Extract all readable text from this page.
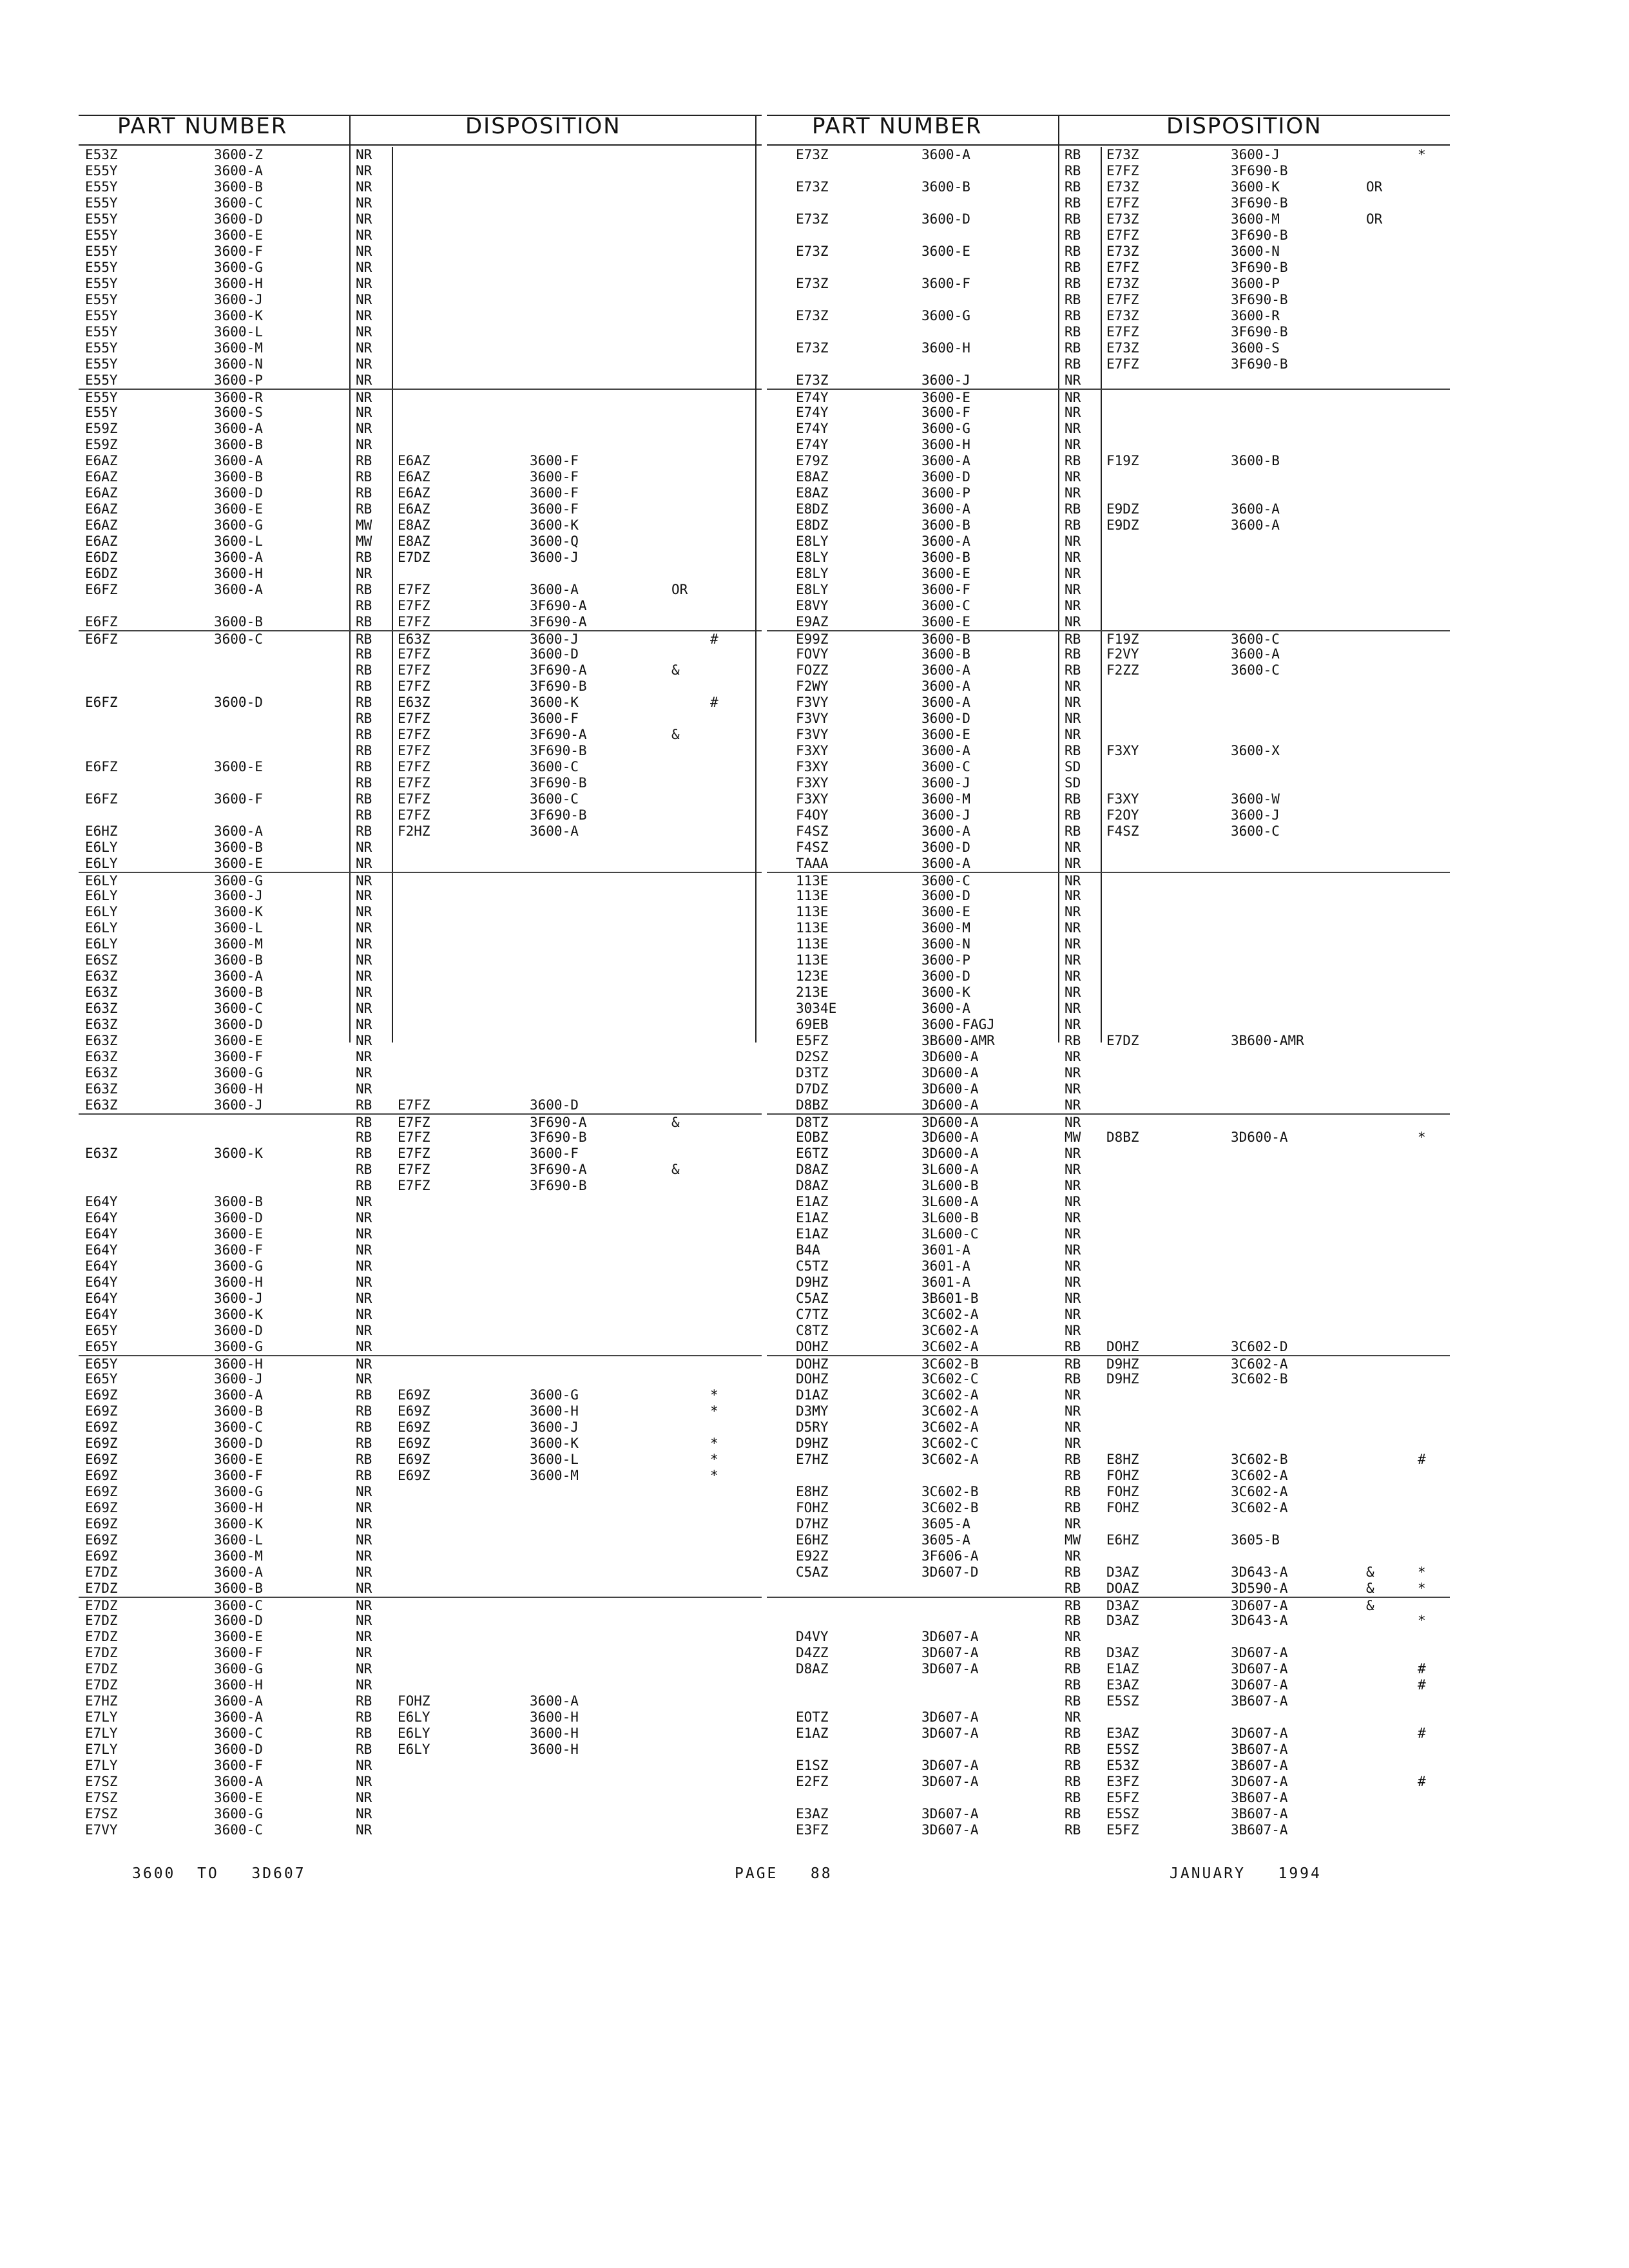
PART NUMBER	DISPOSITION
E53Z	3600-Z	NR
E55Y	3600-A	NR
E55Y	3600-B	NR
E55Y	3600-C	NR
E55Y	3600-D	NR
E55Y	3600-E	NR
E55Y	3600-F	NR
E55Y	3600-G	NR
E55Y	3600-H	NR
E55Y	3600-J	NR
E55Y	3600-K	NR
E55Y	3600-L	NR
E55Y	3600-M	NR
E55Y	3600-N	NR
E55Y	3600-P	NR
E55Y	3600-R	NR
E55Y	3600-S	NR
E59Z	3600-A	NR
E59Z	3600-B	NR
E6AZ	3600-A	RB E6AZ	3600-F
E6AZ	3600-B	RB E6AZ	3600-F
E6AZ	3600-D	RB E6AZ	3600-F
E6AZ	3600-E	RB E6AZ	3600-F
E6AZ	3600-G	MW E8AZ	3600-K
E6AZ	3600-L	MW E8AZ	3600-Q
E6DZ	3600-A	RB E7DZ	3600-J
E6DZ	3600-H	NR
E6FZ	3600-A	RB E7FZ	3600-A	OR
RB E7FZ	3F690-A
E6FZ	3600-B	RB E7FZ	3F690-A
E6FZ	3600-C	RB E63Z	3600-J	#
RB E7FZ	3600-D
RB E7FZ	3F690-A	&
RB E7FZ	3F690-B
E6FZ	3600-D	RB E63Z	3600-K	#
RB E7FZ	3600-F
RB E7FZ	3F690-A	&
RB E7FZ	3F690-B
E6FZ	3600-E	RB E7FZ	3600-C
RB E7FZ	3F690-B
E6FZ	3600-F	RB E7FZ	3600-C
RB E7FZ	3F690-B
E6HZ	3600-A	RB F2HZ	3600-A
E6LY	3600-B	NR
E6LY	3600-E	NR
E6LY	3600-G	NR
E6LY	3600-J	NR
E6LY	3600-K	NR
E6LY	3600-L	NR
E6LY	3600-M	NR
E6SZ	3600-B	NR
E63Z	3600-A	NR
E63Z	3600-B	NR
E63Z	3600-C	NR
E63Z	3600-D	NR
E63Z	3600-E	NR
E63Z	3600-F	NR
E63Z	3600-G	NR
E63Z	3600-H	NR
E63Z	3600-J	RB E7FZ	3600-D
RB E7FZ	3F690-A	&
RB E7FZ	3F690-B
E63Z	3600-K	RB E7FZ	3600-F
RB E7FZ	3F690-A	&
RB E7FZ	3F690-B
E64Y	3600-B	NR
E64Y	3600-D	NR
E64Y	3600-E	NR
E64Y	3600-F	NR
E64Y	3600-G	NR
E64Y	3600-H	NR
E64Y	3600-J	NR
E64Y	3600-K	NR
E65Y	3600-D	NR
E65Y	3600-G	NR
E65Y	3600-H	NR
E65Y	3600-J	NR
E69Z	3600-A	RB E69Z	3600-G	*
E69Z	3600-B	RB E69Z	3600-H	*
E69Z	3600-C	RB E69Z	3600-J
E69Z	3600-D	RB E69Z	3600-K	*
E69Z	3600-E	RB E69Z	3600-L	*
E69Z	3600-F	RB E69Z	3600-M	*
E69Z	3600-G	NR
E69Z	3600-H	NR
E69Z	3600-K	NR
E69Z	3600-L	NR
E69Z	3600-M	NR
E7DZ	3600-A	NR
E7DZ	3600-B	NR
E7DZ	3600-C	NR
E7DZ	3600-D	NR
E7DZ	3600-E	NR
E7DZ	3600-F	NR
E7DZ	3600-G	NR
E7DZ	3600-H	NR
E7HZ	3600-A	RB FOHZ	3600-A
E7LY	3600-A	RB E6LY	3600-H
E7LY	3600-C	RB E6LY	3600-H
E7LY	3600-D	RB E6LY	3600-H
E7LY	3600-F	NR
E7SZ	3600-A	NR
E7SZ	3600-E	NR
E7SZ	3600-G	NR
E7VY	3600-C	NR
PART NUMBER	DISPOSITION
E73Z	3600-A	RB E73Z	3600-J	*
RB E7FZ	3F690-B
E73Z	3600-B	RB E73Z	3600-K	OR
RB E7FZ	3F690-B
E73Z	3600-D	RB E73Z	3600-M	OR
RB E7FZ	3F690-B
E73Z	3600-E	RB E73Z	3600-N
RB E7FZ	3F690-B
E73Z	3600-F	RB E73Z	3600-P
RB E7FZ	3F690-B
E73Z	3600-G	RB E73Z	3600-R
RB E7FZ	3F690-B
E73Z	3600-H	RB E73Z	3600-S
RB E7FZ	3F690-B
E73Z	3600-J	NR
E74Y	3600-E	NR
E74Y	3600-F	NR
E74Y	3600-G	NR
E74Y	3600-H	NR
E79Z	3600-A	RB F19Z	3600-B
E8AZ	3600-D	NR
E8AZ	3600-P	NR
E8DZ	3600-A	RB E9DZ	3600-A
E8DZ	3600-B	RB E9DZ	3600-A
E8LY	3600-A	NR
E8LY	3600-B	NR
E8LY	3600-E	NR
E8LY	3600-F	NR
E8VY	3600-C	NR
E9AZ	3600-E	NR
E99Z	3600-B	RB F19Z	3600-C
FOVY	3600-B	RB F2VY	3600-A
FOZZ	3600-A	RB F2ZZ	3600-C
F2WY	3600-A	NR
F3VY	3600-A	NR
F3VY	3600-D	NR
F3VY	3600-E	NR
F3XY	3600-A	RB F3XY	3600-X
F3XY	3600-C	SD
F3XY	3600-J	SD
F3XY	3600-M	RB F3XY	3600-W
F4OY	3600-J	RB F2OY	3600-J
F4SZ	3600-A	RB F4SZ	3600-C
F4SZ	3600-D	NR
TAAA	3600-A	NR
113E	3600-C	NR
113E	3600-D	NR
113E	3600-E	NR
113E	3600-M	NR
113E	3600-N	NR
113E	3600-P	NR
123E	3600-D	NR
213E	3600-K	NR
3034E	3600-A	NR
69EB	3600-FAGJ	NR
E5FZ	3B600-AMR	RB E7DZ	3B600-AMR
D2SZ	3D600-A	NR
D3TZ	3D600-A	NR
D7DZ	3D600-A	NR
D8BZ	3D600-A	NR
D8TZ	3D600-A	NR
EOBZ	3D600-A	MW D8BZ	3D600-A	*
E6TZ	3D600-A	NR
D8AZ	3L600-A	NR
D8AZ	3L600-B	NR
E1AZ	3L600-A	NR
E1AZ	3L600-B	NR
E1AZ	3L600-C	NR
B4A	3601-A	NR
C5TZ	3601-A	NR
D9HZ	3601-A	NR
C5AZ	3B601-B	NR
C7TZ	3C602-A	NR
C8TZ	3C602-A	NR
DOHZ	3C602-A	RB DOHZ	3C602-D
DOHZ	3C602-B	RB D9HZ	3C602-A
DOHZ	3C602-C	RB D9HZ	3C602-B
D1AZ	3C602-A	NR
D3MY	3C602-A	NR
D5RY	3C602-A	NR
D9HZ	3C602-C	NR
E7HZ	3C602-A	RB E8HZ	3C602-B	#
RB FOHZ	3C602-A
E8HZ	3C602-B	RB FOHZ	3C602-A
FOHZ	3C602-B	RB FOHZ	3C602-A
D7HZ	3605-A	NR
E6HZ	3605-A	MW E6HZ	3605-B
E92Z	3F606-A	NR
C5AZ	3D607-D	RB D3AZ	3D643-A	&	*
RB DOAZ	3D590-A	&	*
RB D3AZ	3D607-A	&
RB D3AZ	3D643-A	*
D4VY	3D607-A	NR
D4ZZ	3D607-A	RB D3AZ	3D607-A
D8AZ	3D607-A	RB E1AZ	3D607-A	#
RB E3AZ	3D607-A	#
RB E5SZ	3B607-A
EOTZ	3D607-A	NR
E1AZ	3D607-A	RB E3AZ	3D607-A	#
RB E5SZ	3B607-A
E1SZ	3D607-A	RB E53Z	3B607-A
E2FZ	3D607-A	RB E3FZ	3D607-A	#
RB E5FZ	3B607-A
E3AZ	3D607-A	RB E5SZ	3B607-A
E3FZ	3D607-A	RB E5FZ	3B607-A
3600  TO   3D607	PAGE   88	JANUARY   1994
